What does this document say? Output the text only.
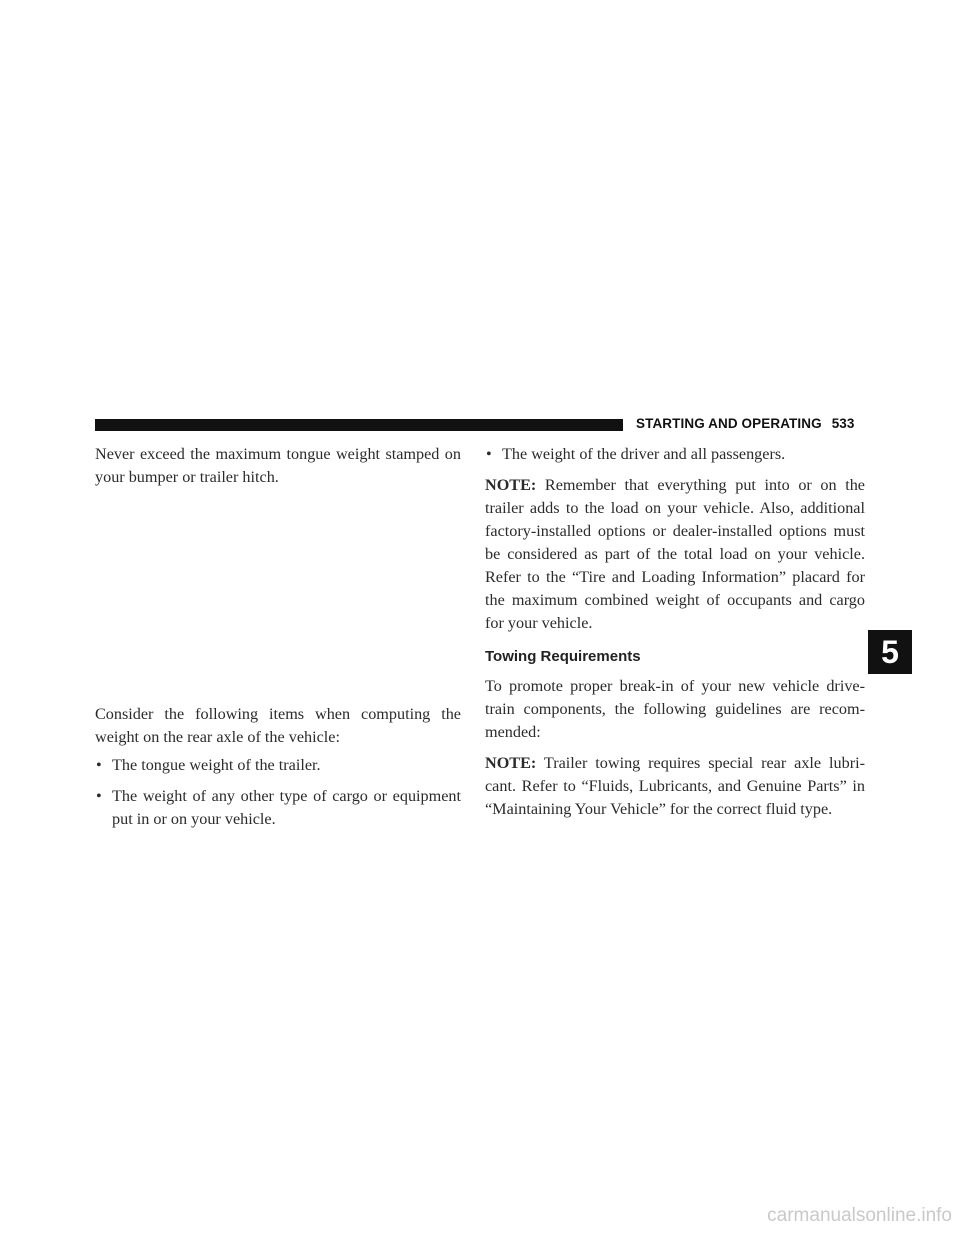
STARTING AND OPERATING 533
5

Never exceed the maximum tongue weight stamped on your bumper or trailer hitch.

Consider the following items when computing the weight on the rear axle of the vehicle:

• The tongue weight of the trailer.
• The weight of any other type of cargo or equipment put in or on your vehicle.
• The weight of the driver and all passengers.

NOTE: Remember that everything put into or on the trailer adds to the load on your vehicle. Also, additional factory-installed options or dealer-installed options must be considered as part of the total load on your vehicle. Refer to the “Tire and Loading Information” placard for the maximum combined weight of occupants and cargo for your vehicle.

Towing Requirements

To promote proper break-in of your new vehicle drive-train components, the following guidelines are recom-mended:

NOTE: Trailer towing requires special rear axle lubri-cant. Refer to “Fluids, Lubricants, and Genuine Parts” in “Maintaining Your Vehicle” for the correct fluid type.

carmanualsonline.info
